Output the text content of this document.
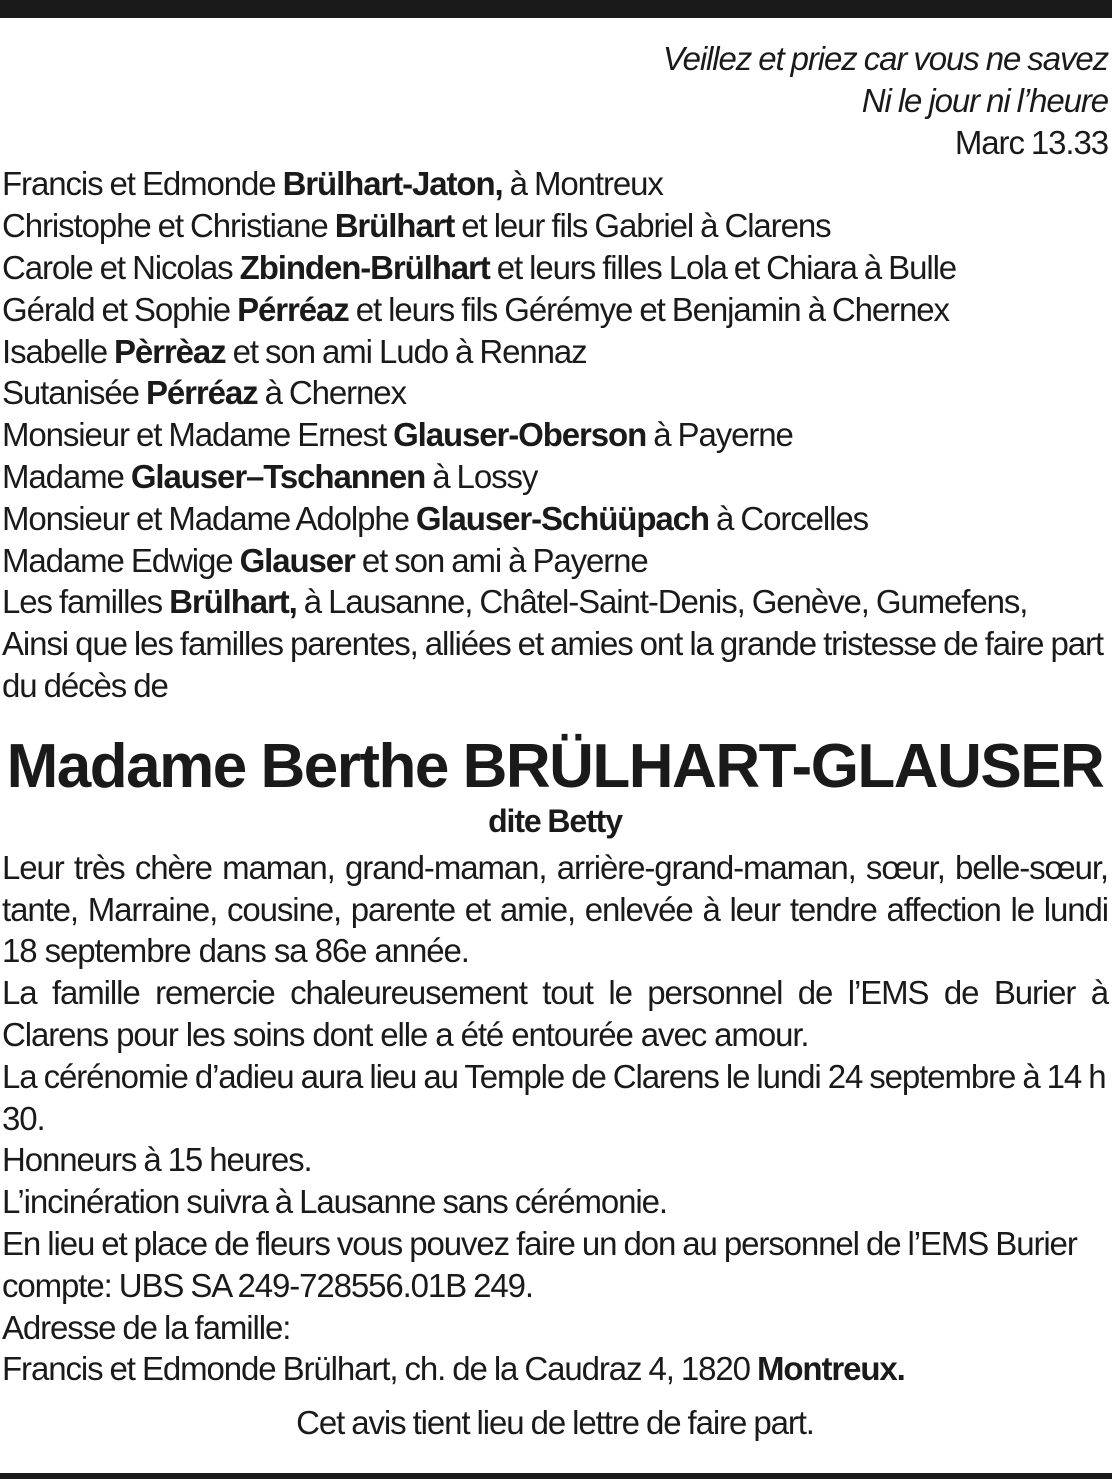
Veillez et priez car vous ne savez
Ni le jour ni l’heure
Marc 13.33
Francis et Edmonde Brülhart-Jaton, à Montreux
Christophe et Christiane Brülhart et leur fils Gabriel à Clarens
Carole et Nicolas Zbinden-Brülhart et leurs filles Lola et Chiara à Bulle
Gérald et Sophie Pérréaz et leurs fils Gérémye et Benjamin à Chernex
Isabelle Pèrrèaz et son ami Ludo à Rennaz
Sutanisée Pérréaz à Chernex
Monsieur et Madame Ernest Glauser-Oberson à Payerne
Madame Glauser–Tschannen à Lossy
Monsieur et Madame Adolphe Glauser-Schüüpach à Corcelles
Madame Edwige Glauser et son ami à Payerne
Les familles Brülhart, à Lausanne, Châtel-Saint-Denis, Genève, Gumefens,
Ainsi que les familles parentes, alliées et amies ont la grande tristesse de faire part du décès de
Madame Berthe BRÜLHART-GLAUSER
dite Betty
Leur très chère maman, grand-maman, arrière-grand-maman, sœur, belle-sœur, tante, Marraine, cousine, parente et amie, enlevée à leur tendre affection le lundi 18 septembre dans sa 86e année.
La famille remercie chaleureusement tout le personnel de l’EMS de Burier à Clarens pour les soins dont elle a été entourée avec amour.
La cérénomie d’adieu aura lieu au Temple de Clarens le lundi 24 septembre à 14 h 30.
Honneurs à 15 heures.
L’incinération suivra à Lausanne sans cérémonie.
En lieu et place de fleurs vous pouvez faire un don au personnel de l’EMS Burier compte: UBS SA 249-728556.01B 249.
Adresse de la famille:
Francis et Edmonde Brülhart, ch. de la Caudraz 4, 1820 Montreux.
Cet avis tient lieu de lettre de faire part.
